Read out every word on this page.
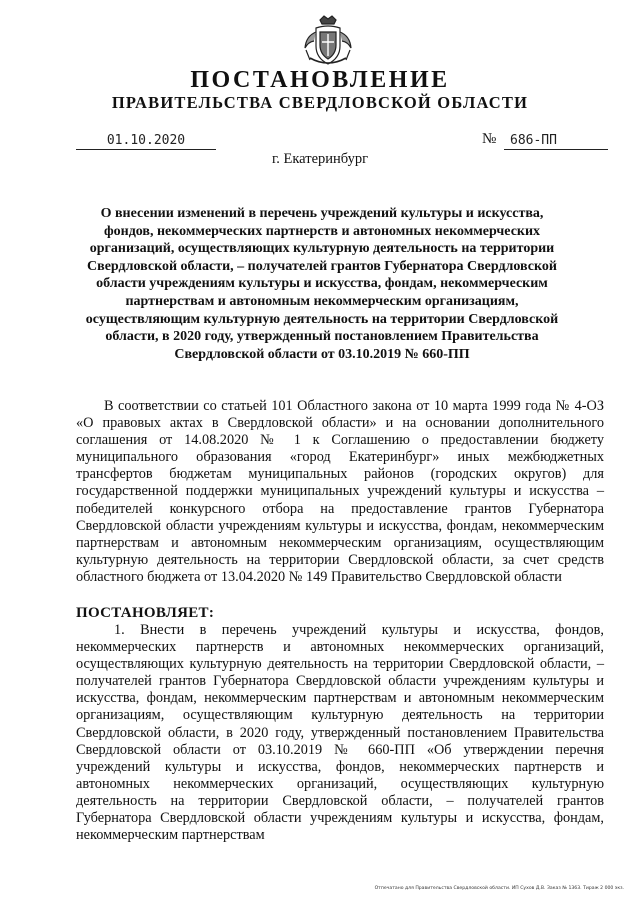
ПОСТАНОВЛЕНИЕ
ПРАВИТЕЛЬСТВА СВЕРДЛОВСКОЙ ОБЛАСТИ
01.10.2020	№	686-ПП
г. Екатеринбург
О внесении изменений в перечень учреждений культуры и искусства, фондов, некоммерческих партнерств и автономных некоммерческих организаций, осуществляющих культурную деятельность на территории Свердловской области, – получателей грантов Губернатора Свердловской области учреждениям культуры и искусства, фондам, некоммерческим партнерствам и автономным некоммерческим организациям, осуществляющим культурную деятельность на территории Свердловской области, в 2020 году, утвержденный постановлением Правительства Свердловской области от 03.10.2019 № 660-ПП

В соответствии со статьей 101 Областного закона от 10 марта 1999 года № 4-ОЗ «О правовых актах в Свердловской области» и на основании дополнительного соглашения от 14.08.2020 № 1 к Соглашению о предоставлении бюджету муниципального образования «город Екатеринбург» иных межбюджетных трансфертов бюджетам муниципальных районов (городских округов) для государственной поддержки муниципальных учреждений культуры и искусства – победителей конкурсного отбора на предоставление грантов Губернатора Свердловской области учреждениям культуры и искусства, фондам, некоммерческим партнерствам и автономным некоммерческим организациям, осуществляющим культурную деятельность на территории Свердловской области, за счет средств областного бюджета от 13.04.2020 № 149 Правительство Свердловской области

ПОСТАНОВЛЯЕТ:

1. Внести в перечень учреждений культуры и искусства, фондов, некоммерческих партнерств и автономных некоммерческих организаций, осуществляющих культурную деятельность на территории Свердловской области, – получателей грантов Губернатора Свердловской области учреждениям культуры и искусства, фондам, некоммерческим партнерствам и автономным некоммерческим организациям, осуществляющим культурную деятельность на территории Свердловской области, в 2020 году, утвержденный постановлением Правительства Свердловской области от 03.10.2019 № 660-ПП «Об утверждении перечня учреждений культуры и искусства, фондов, некоммерческих партнерств и автономных некоммерческих организаций, осуществляющих культурную деятельность на территории Свердловской области, – получателей грантов Губернатора Свердловской области учреждениям культуры и искусства, фондам, некоммерческим партнерствам

Отпечатано для Правительства Свердловской области. ИП Сухов Д.В. Заказ № 1363. Тираж 2 000 экз.
